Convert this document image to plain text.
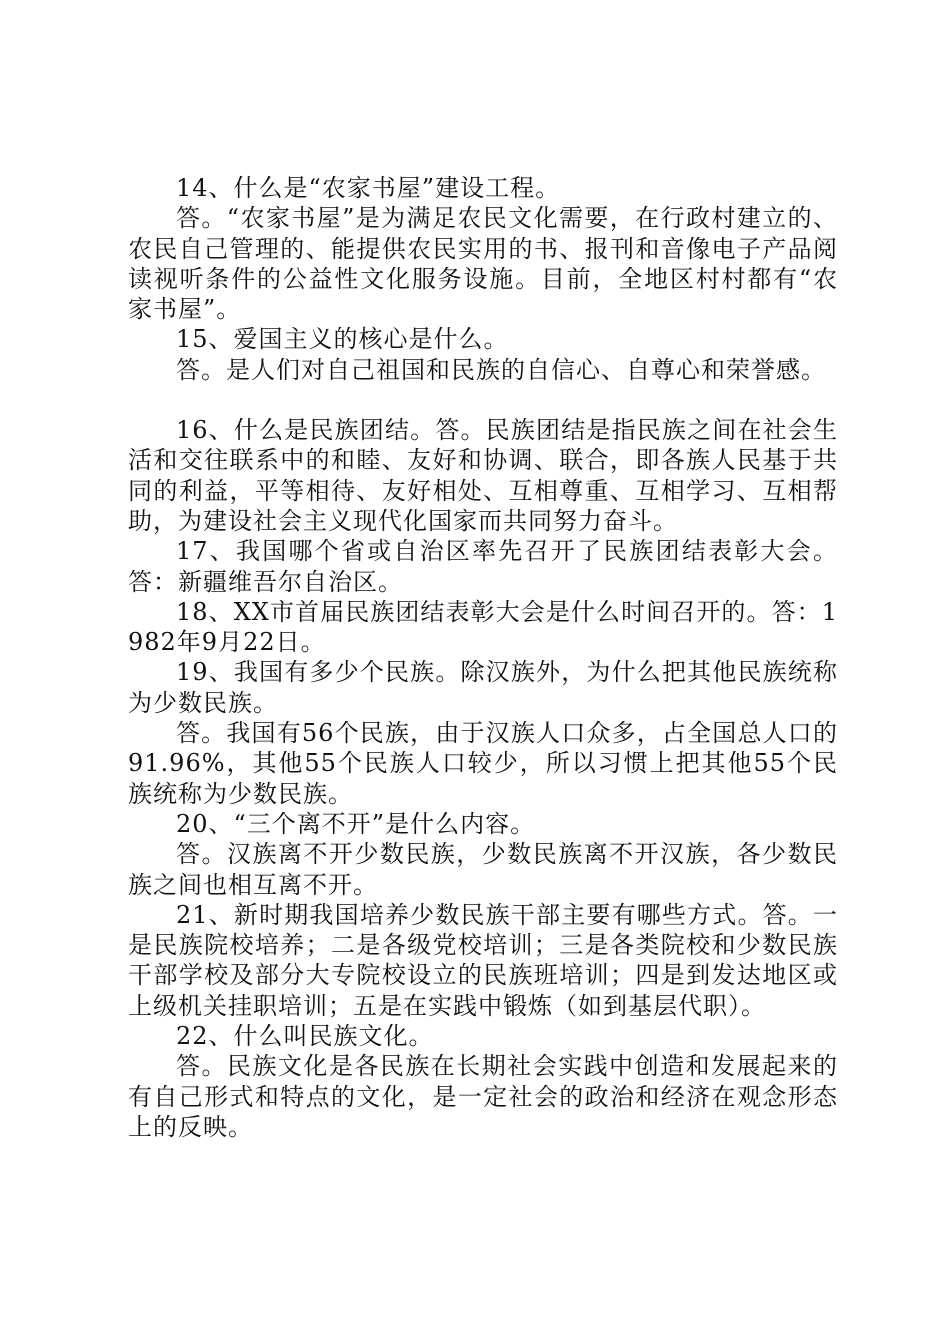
14、什么是“农家书屋”建设工程。

答。“农家书屋”是为满足农民文化需要，在行政村建立的、农民自己管理的、能提供农民实用的书、报刊和音像电子产品阅读视听条件的公益性文化服务设施。目前，全地区村村都有“农家书屋”。

15、爱国主义的核心是什么。

答。是人们对自己祖国和民族的自信心、自尊心和荣誉感。

16、什么是民族团结。答。民族团结是指民族之间在社会生活和交往联系中的和睦、友好和协调、联合，即各族人民基于共同的利益，平等相待、友好相处、互相尊重、互相学习、互相帮助，为建设社会主义现代化国家而共同努力奋斗。

17、我国哪个省或自治区率先召开了民族团结表彰大会。答：新疆维吾尔自治区。

18、XX市首届民族团结表彰大会是什么时间召开的。答：1982年9月22日。

19、我国有多少个民族。除汉族外，为什么把其他民族统称为少数民族。

答。我国有56个民族，由于汉族人口众多，占全国总人口的91.96%，其他55个民族人口较少，所以习惯上把其他55个民族统称为少数民族。

20、“三个离不开”是什么内容。

答。汉族离不开少数民族，少数民族离不开汉族，各少数民族之间也相互离不开。

21、新时期我国培养少数民族干部主要有哪些方式。答。一是民族院校培养；二是各级党校培训；三是各类院校和少数民族干部学校及部分大专院校设立的民族班培训；四是到发达地区或上级机关挂职培训；五是在实践中锻炼（如到基层代职）。

22、什么叫民族文化。

答。民族文化是各民族在长期社会实践中创造和发展起来的有自己形式和特点的文化，是一定社会的政治和经济在观念形态上的反映。
